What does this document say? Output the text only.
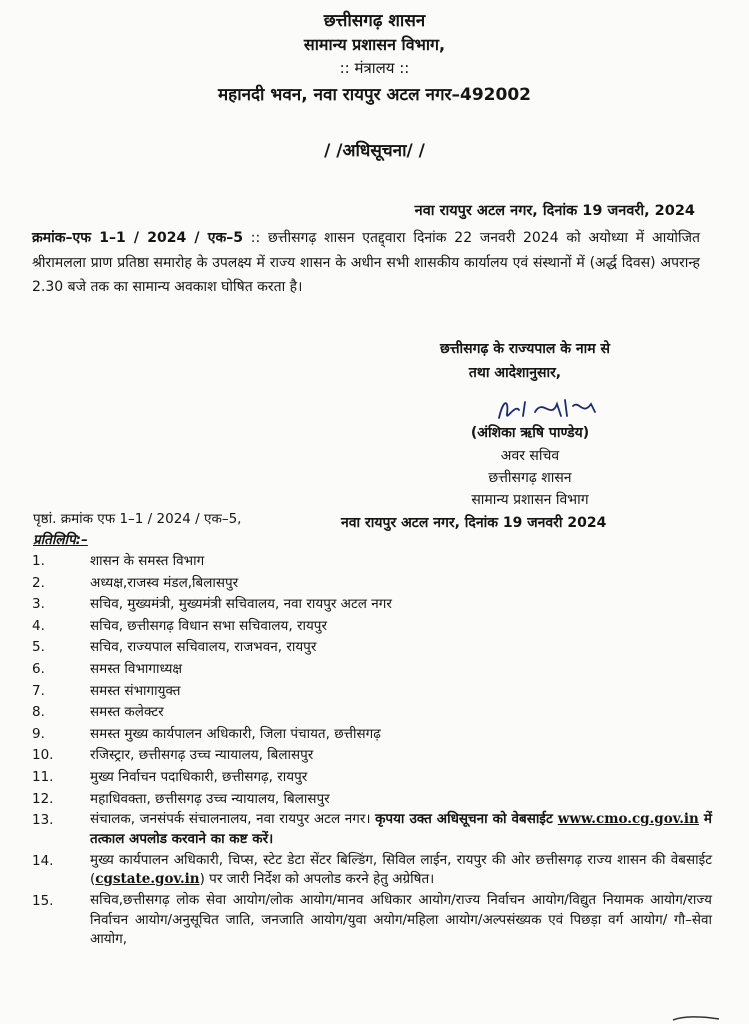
छत्तीसगढ़ शासन
सामान्य प्रशासन विभाग,
:: मंत्रालय ::
महानदी भवन, नवा रायपुर अटल नगर–492002
/ /अधिसूचना/ /
नवा रायपुर अटल नगर, दिनांक 19 जनवरी, 2024
क्रमांक–एफ 1–1 / 2024 / एक–5 :: छत्तीसगढ़ शासन एतद्द्वारा दिनांक 22 जनवरी 2024 को अयोध्या में आयोजित श्रीरामलला प्राण प्रतिष्ठा समारोह के उपलक्ष्य में राज्य शासन के अधीन सभी शासकीय कार्यालय एवं संस्थानों में (अर्द्ध दिवस) अपरान्ह 2.30 बजे तक का सामान्य अवकाश घोषित करता है।
छत्तीसगढ़ के राज्यपाल के नाम से
तथा आदेशानुसार,
(अंशिका ऋषि पाण्डेय)
अवर सचिव
छत्तीसगढ़ शासन
सामान्य प्रशासन विभाग
पृष्ठां. क्रमांक एफ 1–1 / 2024 / एक–5,	नवा रायपुर अटल नगर, दिनांक 19 जनवरी 2024
प्रतिलिपि:–
1.	शासन के समस्त विभाग
2.	अध्यक्ष,राजस्व मंडल,बिलासपुर
3.	सचिव, मुख्यमंत्री, मुख्यमंत्री सचिवालय, नवा रायपुर अटल नगर
4.	सचिव, छत्तीसगढ़ विधान सभा सचिवालय, रायपुर
5.	सचिव, राज्यपाल सचिवालय, राजभवन, रायपुर
6.	समस्त विभागाध्यक्ष
7.	समस्त संभागायुक्त
8.	समस्त कलेक्टर
9.	समस्त मुख्य कार्यपालन अधिकारी, जिला पंचायत, छत्तीसगढ़
10.	रजिस्ट्रार, छत्तीसगढ़ उच्च न्यायालय, बिलासपुर
11.	मुख्य निर्वाचन पदाधिकारी, छत्तीसगढ़, रायपुर
12.	महाधिवक्ता, छत्तीसगढ़ उच्च न्यायालय, बिलासपुर
13.	संचालक, जनसंपर्क संचालनालय, नवा रायपुर अटल नगर। कृपया उक्त अधिसूचना को वेबसाईट www.cmo.cg.gov.in में तत्काल अपलोड करवाने का कष्ट करें।
14.	मुख्य कार्यपालन अधिकारी, चिप्स, स्टेट डेटा सेंटर बिल्डिंग, सिविल लाईन, रायपुर की ओर छत्तीसगढ़ राज्य शासन की वेबसाईट (cgstate.gov.in) पर जारी निर्देश को अपलोड करने हेतु अग्रेषित।
15.	सचिव,छत्तीसगढ़ लोक सेवा आयोग/लोक आयोग/मानव अधिकार आयोग/राज्य निर्वाचन आयोग/विद्युत नियामक आयोग/राज्य निर्वाचन आयोग/अनुसूचित जाति, जनजाति आयोग/युवा अयोग/महिला आयोग/अल्पसंख्यक एवं पिछड़ा वर्ग आयोग/ गौ–सेवा आयोग,
